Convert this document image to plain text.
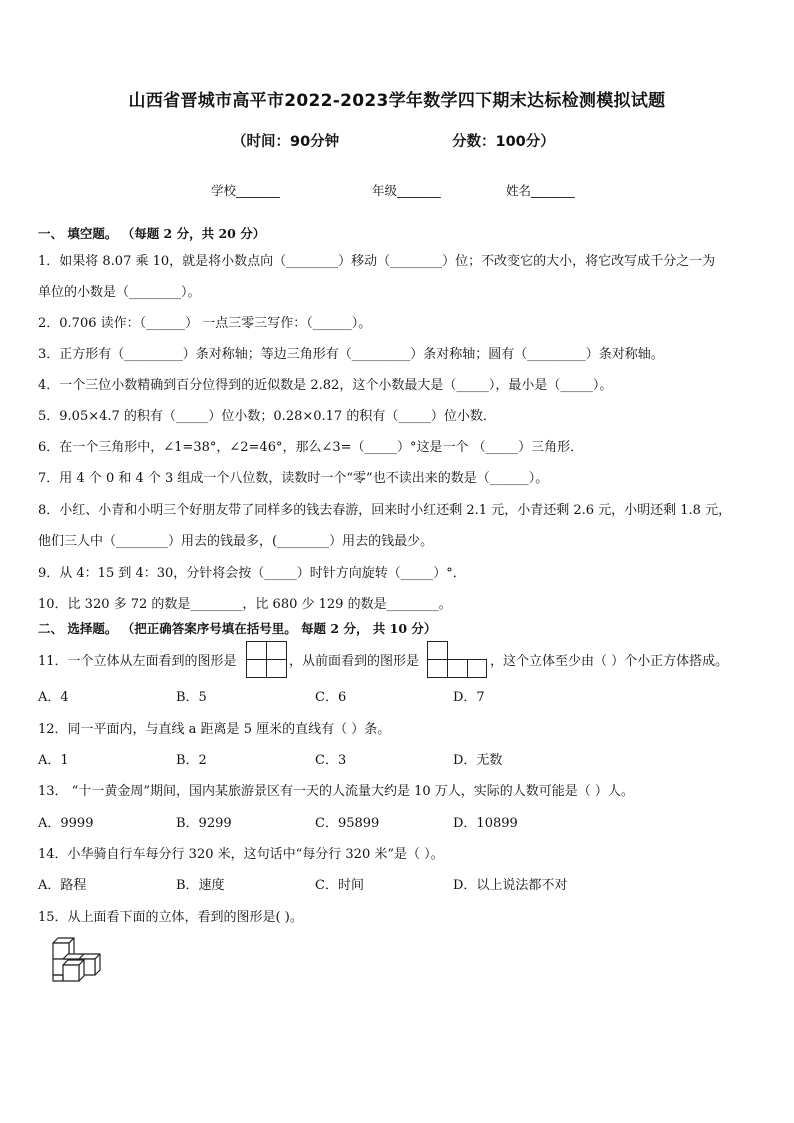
山西省晋城市高平市2022-2023学年数学四下期末达标检测模拟试题
（时间：90分钟	分数：100分）
学校_______	年级_______	姓名_______
一、 填空题。 （每题 2 分，共 20 分）
1．如果将 8.07 乘 10，就是将小数点向（________）移动（________）位；不改变它的大小，将它改写成千分之一为
单位的小数是（________）。
2．0.706 读作：（______） 一点三零三写作：（______）。
3．正方形有（_________）条对称轴；等边三角形有（_________）条对称轴；圆有（_________）条对称轴。
4．一个三位小数精确到百分位得到的近似数是 2.82，这个小数最大是（_____），最小是（_____）。
5．9.05×4.7 的积有（_____）位小数；0.28×0.17 的积有（_____）位小数．
6．在一个三角形中，∠1=38°，∠2=46°，那么∠3=（_____）°这是一个 （_____）三角形．
7．用 4 个 0 和 4 个 3 组成一个八位数，读数时一个“零”也不读出来的数是（______）。
8．小红、小青和小明三个好朋友带了同样多的钱去春游，回来时小红还剩 2.1 元，小青还剩 2.6 元，小明还剩 1.8 元，
他们三人中（________）用去的钱最多，(________）用去的钱最少。
9．从 4：15 到 4：30，分针将会按（_____）时针方向旋转（_____）°．
10．比 320 多 72 的数是________，比 680 少 129 的数是________。
二、 选择题。 （把正确答案序号填在括号里。 每题 2 分， 共 10 分）
11．一个立体从左面看到的图形是	，从前面看到的图形是	，这个立体至少由（ ）个小正方体搭成。
A．4	B．5	C．6	D．7
12．同一平面内，与直线 a 距离是 5 厘米的直线有（ ）条。
A．1	B．2	C．3	D．无数
13． “十一黄金周”期间，国内某旅游景区有一天的人流量大约是 10 万人，实际的人数可能是（ ）人。
A．9999	B．9299	C．95899	D．10899
14．小华骑自行车每分行 320 米，这句话中“每分行 320 米”是（ ）。
A．路程	B．速度	C．时间	D．以上说法都不对
15．从上面看下面的立体，看到的图形是( )。
